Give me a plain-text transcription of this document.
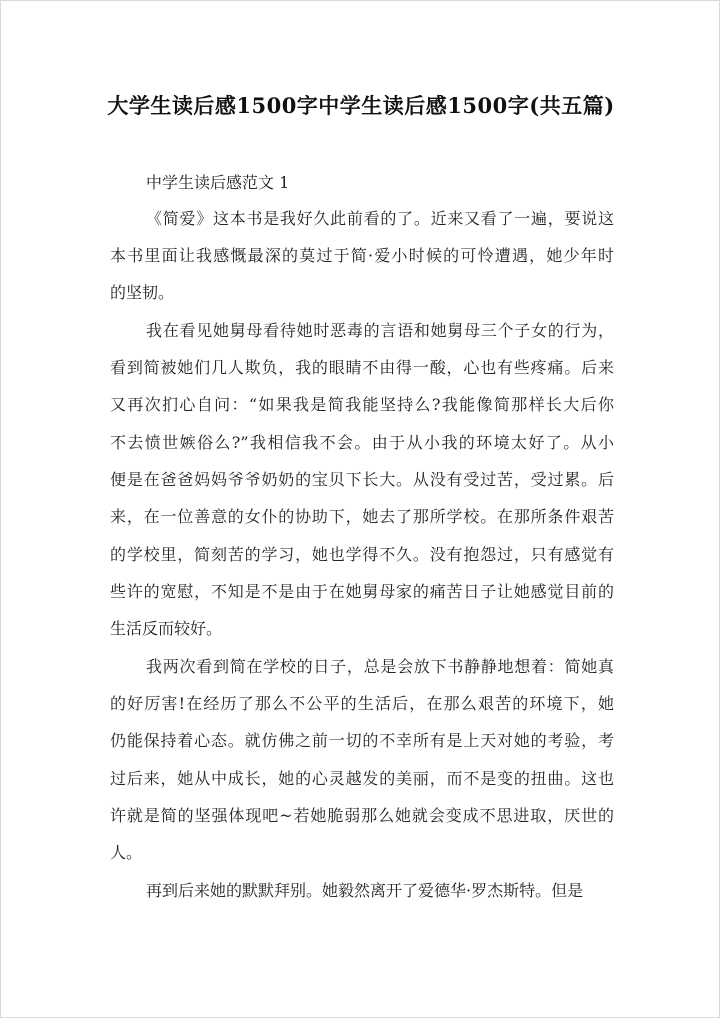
大学生读后感1500字中学生读后感1500字(共五篇)
中学生读后感范文 1
《简爱》这本书是我好久此前看的了。近来又看了一遍，要说这
本书里面让我感慨最深的莫过于简·爱小时候的可怜遭遇，她少年时
的坚韧。
我在看见她舅母看待她时恶毒的言语和她舅母三个子女的行为，
看到简被她们几人欺负，我的眼睛不由得一酸，心也有些疼痛。后来
又再次扪心自问：“如果我是简我能坚持么?我能像简那样长大后你
不去愤世嫉俗么?”我相信我不会。由于从小我的环境太好了。从小
便是在爸爸妈妈爷爷奶奶的宝贝下长大。从没有受过苦，受过累。后
来，在一位善意的女仆的协助下，她去了那所学校。在那所条件艰苦
的学校里，简刻苦的学习，她也学得不久。没有抱怨过，只有感觉有
些许的宽慰，不知是不是由于在她舅母家的痛苦日子让她感觉目前的
生活反而较好。
我两次看到简在学校的日子，总是会放下书静静地想着：简她真
的好厉害!在经历了那么不公平的生活后，在那么艰苦的环境下，她
仍能保持着心态。就仿佛之前一切的不幸所有是上天对她的考验，考
过后来，她从中成长，她的心灵越发的美丽，而不是变的扭曲。这也
许就是简的坚强体现吧~若她脆弱那么她就会变成不思进取，厌世的
人。
再到后来她的默默拜别。她毅然离开了爱德华·罗杰斯特。但是
